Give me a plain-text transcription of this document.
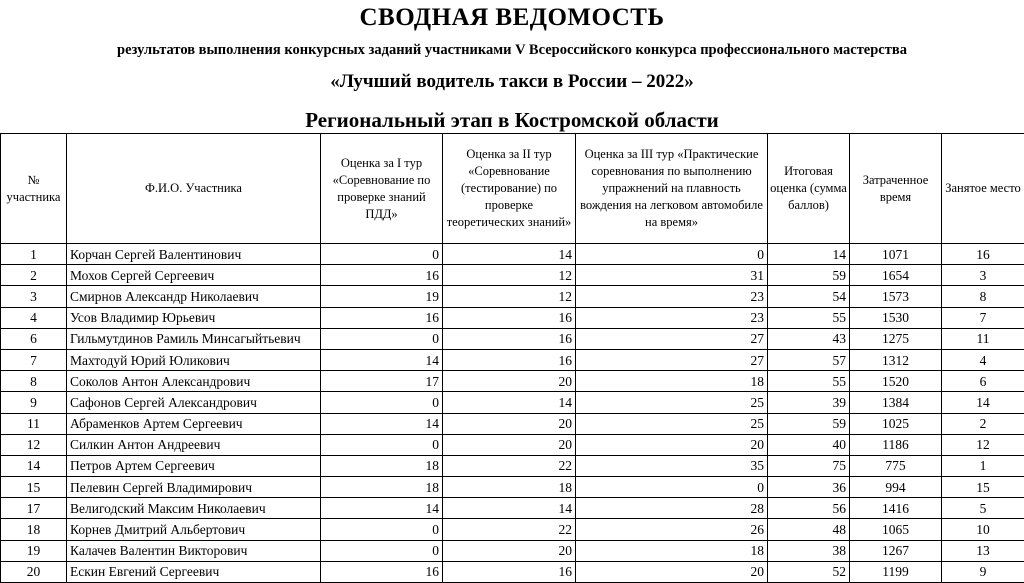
СВОДНАЯ ВЕДОМОСТЬ
результатов выполнения конкурсных заданий участниками V Всероссийского конкурса профессионального мастерства
«Лучший водитель такси в России – 2022»
Региональный этап в Костромской области
№ участника	Ф.И.О. Участника	Оценка за I тур «Соревнование по проверке знаний ПДД»	Оценка за II тур «Соревнование (тестирование) по проверке теоретических знаний»	Оценка за III тур «Практические соревнования по выполнению упражнений на плавность вождения на легковом автомобиле на время»	Итоговая оценка (сумма баллов)	Затраченное время	Занятое место
1	Корчан Сергей Валентинович	0	14	0	14	1071	16
2	Мохов Сергей Сергеевич	16	12	31	59	1654	3
3	Смирнов Александр Николаевич	19	12	23	54	1573	8
4	Усов Владимир Юрьевич	16	16	23	55	1530	7
6	Гильмутдинов Рамиль Минсагыйтьевич	0	16	27	43	1275	11
7	Махтодуй Юрий Юликович	14	16	27	57	1312	4
8	Соколов Антон Александрович	17	20	18	55	1520	6
9	Сафонов Сергей Александрович	0	14	25	39	1384	14
11	Абраменков Артем Сергеевич	14	20	25	59	1025	2
12	Силкин Антон Андреевич	0	20	20	40	1186	12
14	Петров Артем Сергеевич	18	22	35	75	775	1
15	Пелевин Сергей Владимирович	18	18	0	36	994	15
17	Велигодский Максим Николаевич	14	14	28	56	1416	5
18	Корнев Дмитрий Альбертович	0	22	26	48	1065	10
19	Калачев Валентин Викторович	0	20	18	38	1267	13
20	Ескин Евгений Сергеевич	16	16	20	52	1199	9
